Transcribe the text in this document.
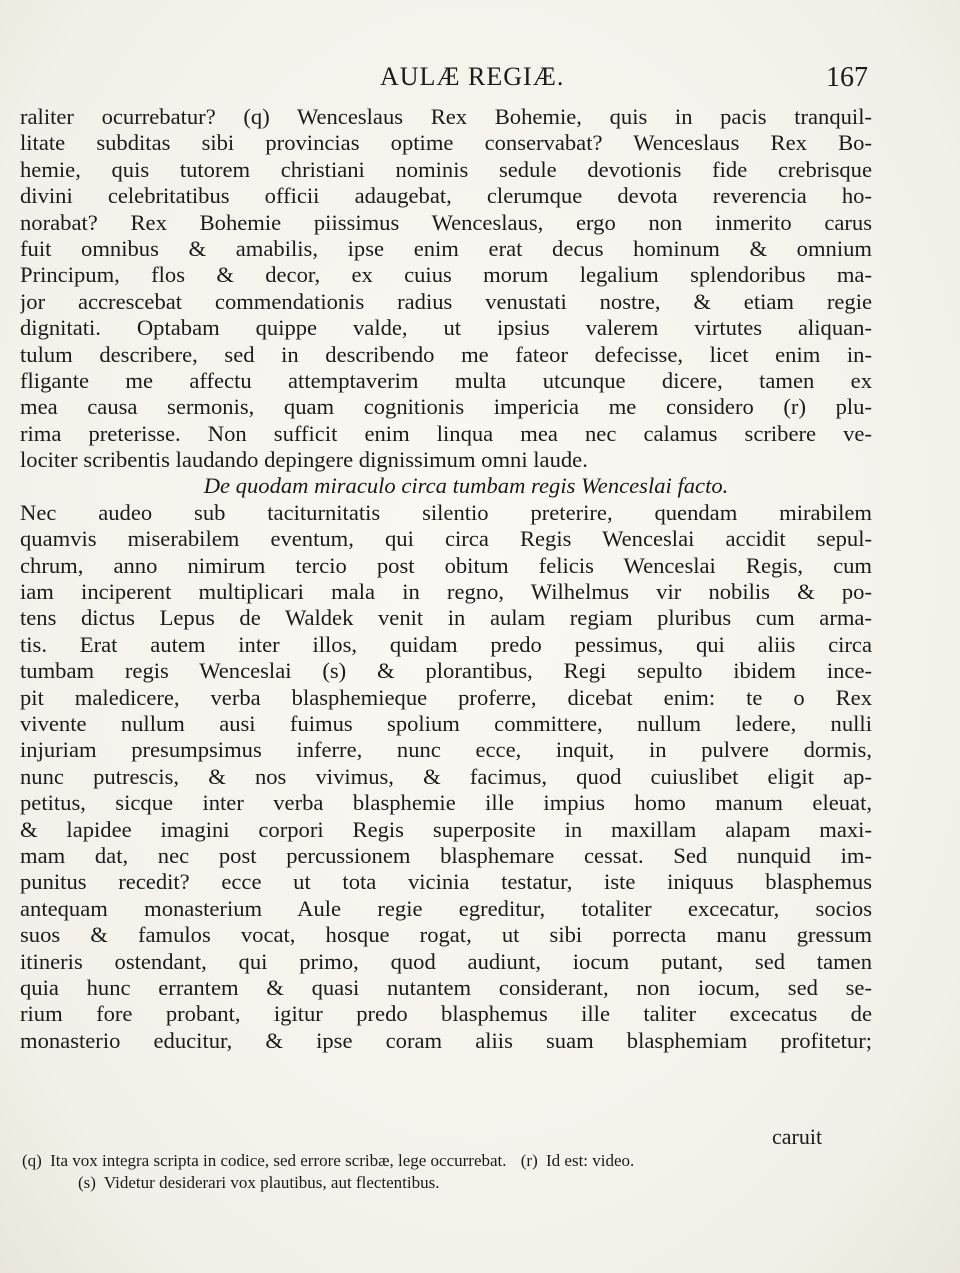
AULÆ REGIÆ.	167
raliter ocurrebatur? (q) Wenceslaus Rex Bohemie, quis in pacis tranquil-
litate subditas sibi provincias optime conservabat? Wenceslaus Rex Bo-
hemie, quis tutorem christiani nominis sedule devotionis fide crebrisque
divini celebritatibus officii adaugebat, clerumque devota reverencia ho-
norabat? Rex Bohemie piissimus Wenceslaus, ergo non inmerito carus
fuit omnibus & amabilis, ipse enim erat decus hominum & omnium
Principum, flos & decor, ex cuius morum legalium splendoribus ma-
jor accrescebat commendationis radius venustati nostre, & etiam regie
dignitati. Optabam quippe valde, ut ipsius valerem virtutes aliquan-
tulum describere, sed in describendo me fateor defecisse, licet enim in-
fligante me affectu attemptaverim multa utcunque dicere, tamen ex
mea causa sermonis, quam cognitionis impericia me considero (r) plu-
rima preterisse. Non sufficit enim linqua mea nec calamus scribere ve-
lociter scribentis laudando depingere dignissimum omni laude.
De quodam miraculo circa tumbam regis Wenceslai facto.
Nec audeo sub taciturnitatis silentio preterire, quendam mirabilem
quamvis miserabilem eventum, qui circa Regis Wenceslai accidit sepul-
chrum, anno nimirum tercio post obitum felicis Wenceslai Regis, cum
iam inciperent multiplicari mala in regno, Wilhelmus vir nobilis & po-
tens dictus Lepus de Waldek venit in aulam regiam pluribus cum arma-
tis. Erat autem inter illos, quidam predo pessimus, qui aliis circa
tumbam regis Wenceslai (s) & plorantibus, Regi sepulto ibidem ince-
pit maledicere, verba blasphemieque proferre, dicebat enim: te o Rex
vivente nullum ausi fuimus spolium committere, nullum ledere, nulli
injuriam presumpsimus inferre, nunc ecce, inquit, in pulvere dormis,
nunc putrescis, & nos vivimus, & facimus, quod cuiuslibet eligit ap-
petitus, sicque inter verba blasphemie ille impius homo manum eleuat,
& lapidee imagini corpori Regis superposite in maxillam alapam maxi-
mam dat, nec post percussionem blasphemare cessat. Sed nunquid im-
punitus recedit? ecce ut tota vicinia testatur, iste iniquus blasphemus
antequam monasterium Aule regie egreditur, totaliter excecatur, socios
suos & famulos vocat, hosque rogat, ut sibi porrecta manu gressum
itineris ostendant, qui primo, quod audiunt, iocum putant, sed tamen
quia hunc errantem & quasi nutantem considerant, non iocum, sed se-
rium fore probant, igitur predo blasphemus ille taliter excecatus de
monasterio educitur, & ipse coram aliis suam blasphemiam profitetur;
caruit
(q) Ita vox integra scripta in codice, sed errore scribæ, lege occurrebat. (r) Id est: video.
(s) Videtur desiderari vox plautibus, aut flectentibus.
